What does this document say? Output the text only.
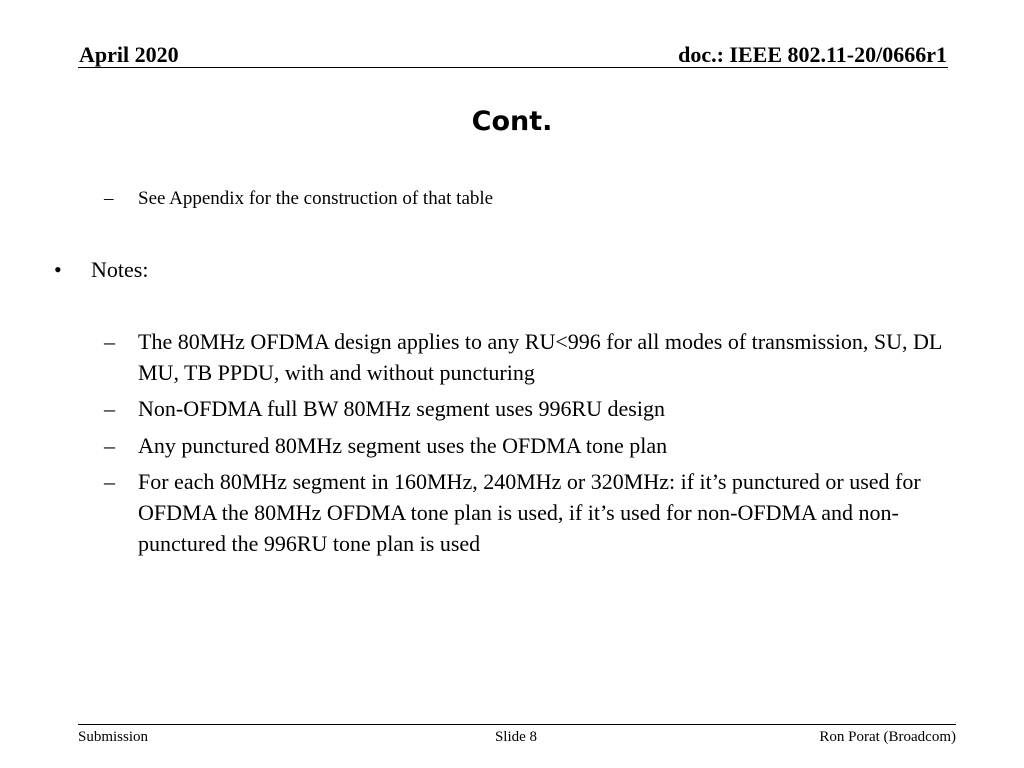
April 2020	doc.: IEEE 802.11-20/0666r1
Cont.
– See Appendix for the construction of that table
• Notes:
– The 80MHz OFDMA design applies to any RU<996 for all modes of transmission, SU, DL MU, TB PPDU, with and without puncturing
– Non-OFDMA full BW 80MHz segment uses 996RU design
– Any punctured 80MHz segment uses the OFDMA tone plan
– For each 80MHz segment in 160MHz, 240MHz or 320MHz: if it’s punctured or used for OFDMA the 80MHz OFDMA tone plan is used, if it’s used for non-OFDMA and non-punctured the 996RU tone plan is used
Submission	Slide 8	Ron Porat (Broadcom)
